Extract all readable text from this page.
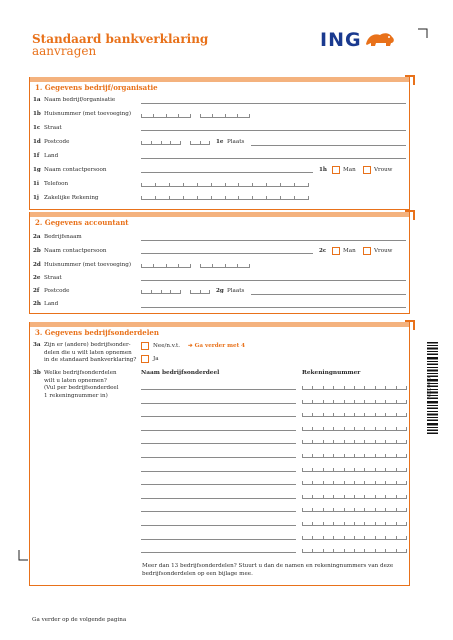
Standaard bankverklaring
aanvragen	ING
1. Gegevens bedrijf/organisatie
1a Naam bedrijf/organisatie
1b Huisnummer (met toevoeging)
1c Straat
1d Postcode	1e Plaats
1f Land
1g Naam contactpersoon	1h	Man	Vrouw
1i Telefoon
1j Zakelijke Rekening
2. Gegevens accountant
2a Bedrijfsnaam
2b Naam contactpersoon	2c	Man	Vrouw
2d Huisnummer (met toevoeging)
2e Straat
2f Postcode	2g Plaats
2h Land
3. Gegevens bedrijfsonderdelen
3a Zijn er (andere) bedrijfsonder-
delen die u wilt laten opnemen
in de standaard bankverklaring?
Nee/n.v.t. ➔ Ga verder met 4
Ja
3b Welke bedrijfsonderdelen
wilt u laten opnemen?
(Vul per bedrijfsonderdeel
1 rekeningnummer in)
Naam bedrijfsonderdeel	Rekeningnummer
Meer dan 13 bedrijfsonderdelen? Stuurt u dan de namen en rekeningnummers van deze bedrijfsonderdelen op een bijlage mee.
ING0000 C6
Ga verder op de volgende pagina
